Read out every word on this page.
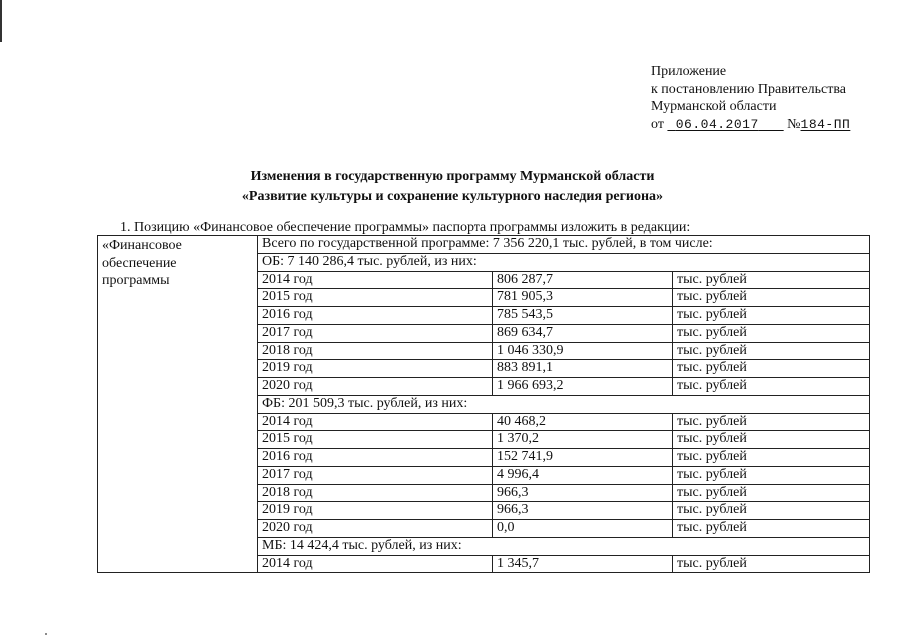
Приложение
к постановлению Правительства
Мурманской области
от 06.04.2017 №184-ПП
Изменения в государственную программу Мурманской области
«Развитие культуры и сохранение культурного наследия региона»
1. Позицию «Финансовое обеспечение программы» паспорта программы изложить в редакции:
«Финансовое
обеспечение
программы	Всего по государственной программе: 7 356 220,1 тыс. рублей, в том числе:		
	ОБ: 7 140 286,4 тыс. рублей, из них:		
	2014 год	806 287,7	тыс. рублей
	2015 год	781 905,3	тыс. рублей
	2016 год	785 543,5	тыс. рублей
	2017 год	869 634,7	тыс. рублей
	2018 год	1 046 330,9	тыс. рублей
	2019 год	883 891,1	тыс. рублей
	2020 год	1 966 693,2	тыс. рублей
	ФБ: 201 509,3 тыс. рублей, из них:		
	2014 год	40 468,2	тыс. рублей
	2015 год	1 370,2	тыс. рублей
	2016 год	152 741,9	тыс. рублей
	2017 год	4 996,4	тыс. рублей
	2018 год	966,3	тыс. рублей
	2019 год	966,3	тыс. рублей
	2020 год	0,0	тыс. рублей
	МБ: 14 424,4 тыс. рублей, из них:		
	2014 год	1 345,7	тыс. рублей
